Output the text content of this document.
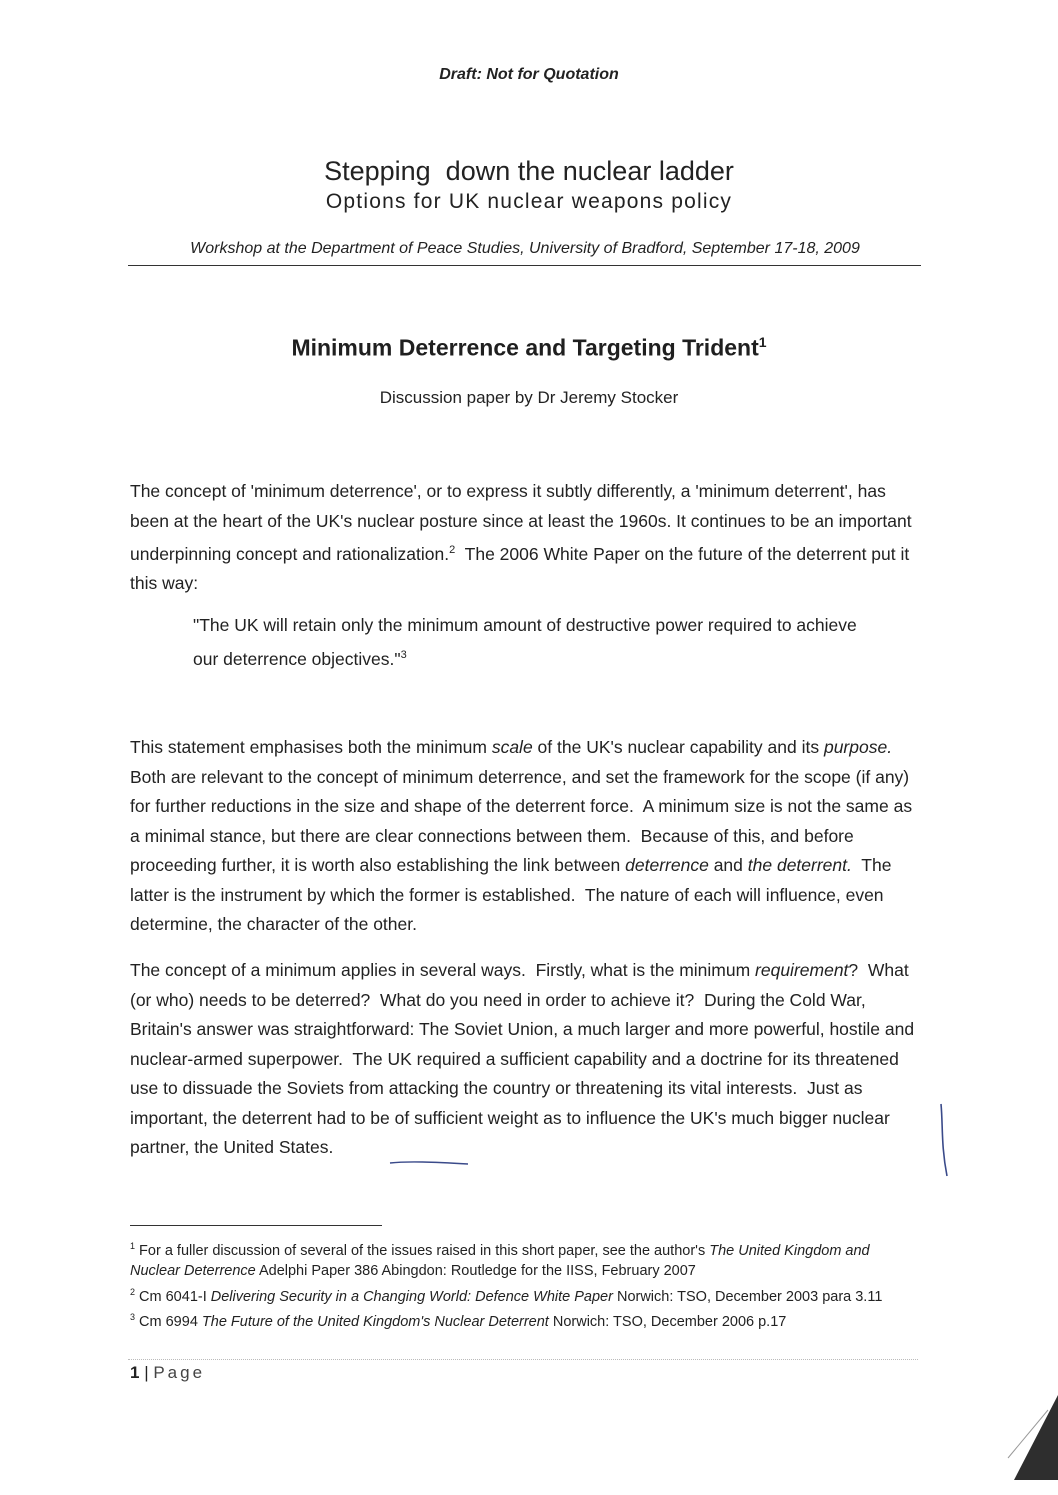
Draft: Not for Quotation
Stepping  down the nuclear ladder
Options for UK nuclear weapons policy
Workshop at the Department of Peace Studies, University of Bradford, September 17-18, 2009
Minimum Deterrence and Targeting Trident$^1$
Discussion paper by Dr Jeremy Stocker
The concept of 'minimum deterrence', or to express it subtly differently, a 'minimum deterrent', has been at the heart of the UK's nuclear posture since at least the 1960s. It continues to be an important underpinning concept and rationalization.$^2$  The 2006 White Paper on the future of the deterrent put it this way:
"The UK will retain only the minimum amount of destructive power required to achieve our deterrence objectives."$^3$
This statement emphasises both the minimum scale of the UK's nuclear capability and its purpose.  Both are relevant to the concept of minimum deterrence, and set the framework for the scope (if any) for further reductions in the size and shape of the deterrent force.  A minimum size is not the same as a minimal stance, but there are clear connections between them.  Because of this, and before proceeding further, it is worth also establishing the link between deterrence and the deterrent.  The latter is the instrument by which the former is established.  The nature of each will influence, even determine, the character of the other.
The concept of a minimum applies in several ways.  Firstly, what is the minimum requirement?  What (or who) needs to be deterred?  What do you need in order to achieve it?  During the Cold War, Britain's answer was straightforward: The Soviet Union, a much larger and more powerful, hostile and nuclear-armed superpower.  The UK required a sufficient capability and a doctrine for its threatened use to dissuade the Soviets from attacking the country or threatening its vital interests.  Just as important, the deterrent had to be of sufficient weight as to influence the UK's much bigger nuclear partner, the United States.

$^1$ For a fuller discussion of several of the issues raised in this short paper, see the author's The United Kingdom and Nuclear Deterrence Adelphi Paper 386 Abingdon: Routledge for the IISS, February 2007

$^2$ Cm 6041-I Delivering Security in a Changing World: Defence White Paper Norwich: TSO, December 2003 para 3.11

$^3$ Cm 6994 The Future of the United Kingdom's Nuclear Deterrent Norwich: TSO, December 2006 p.17

1 | Page
